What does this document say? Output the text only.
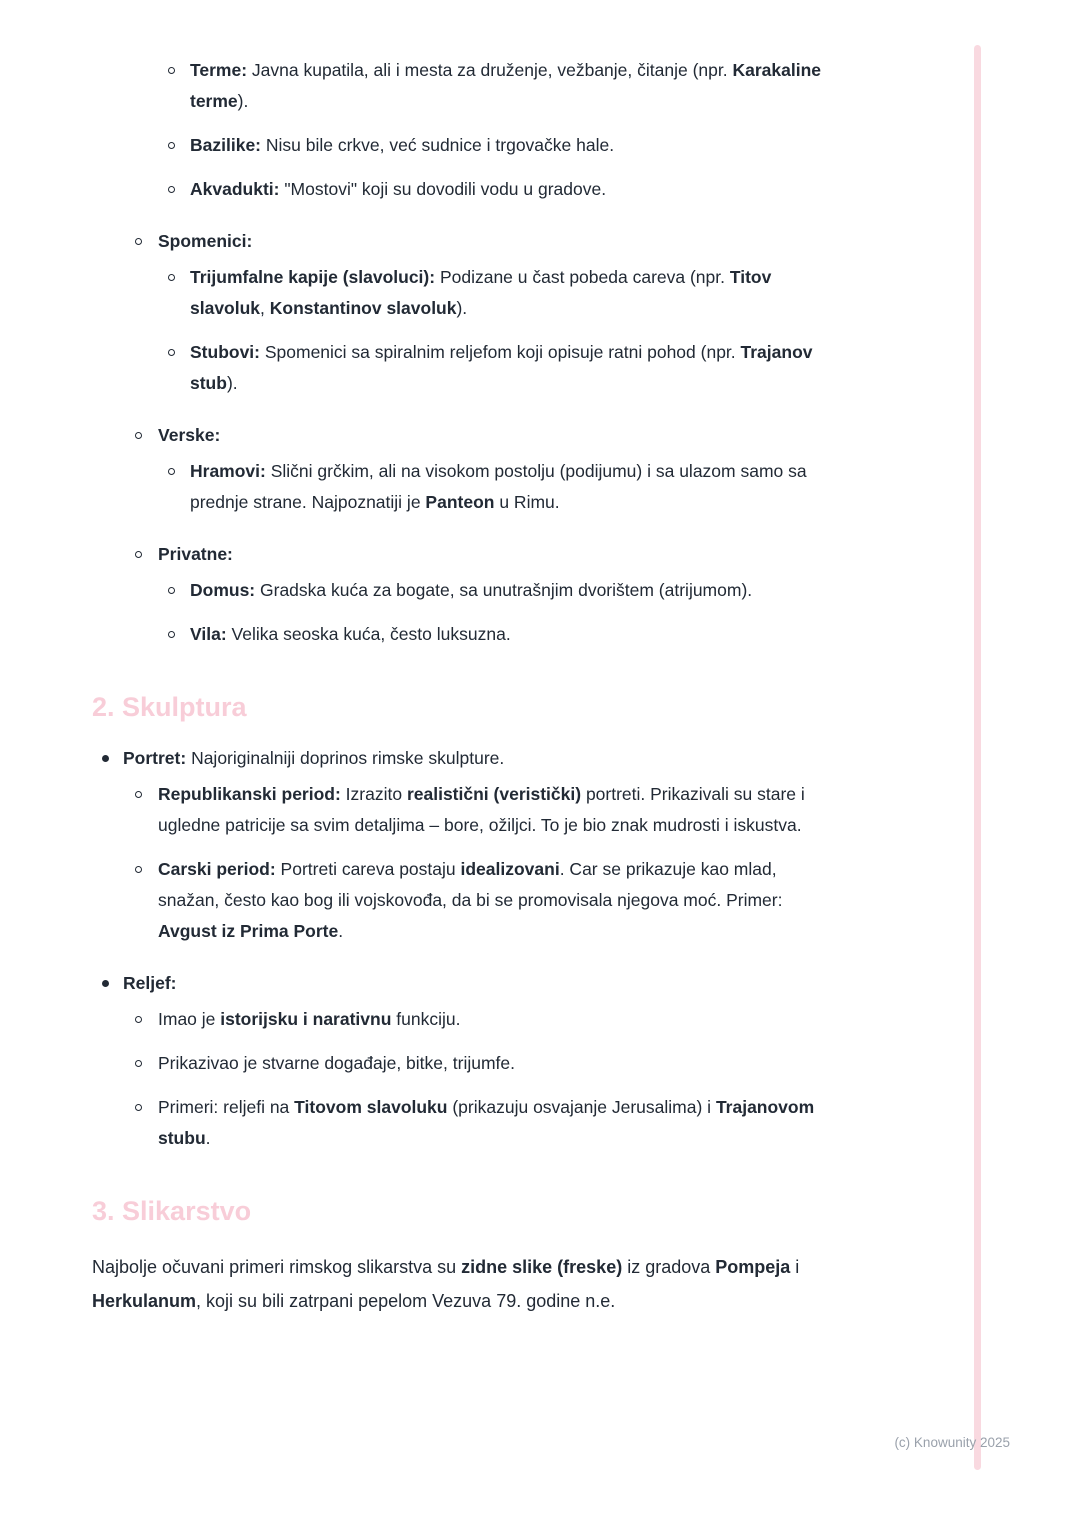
Terme: Javna kupatila, ali i mesta za druženje, vežbanje, čitanje (npr. Karakaline terme).
Bazilike: Nisu bile crkve, već sudnice i trgovačke hale.
Akvadukti: "Mostovi" koji su dovodili vodu u gradove.
Spomenici:
Trijumfalne kapije (slavoluci): Podizane u čast pobeda careva (npr. Titov slavoluk, Konstantinov slavoluk).
Stubovi: Spomenici sa spiralnim reljefom koji opisuje ratni pohod (npr. Trajanov stub).
Verske:
Hramovi: Slični grčkim, ali na visokom postolju (podijumu) i sa ulazom samo sa prednje strane. Najpoznatiji je Panteon u Rimu.
Privatne:
Domus: Gradska kuća za bogate, sa unutrašnjim dvorištem (atrijumom).
Vila: Velika seoska kuća, često luksuzna.
2. Skulptura
Portret: Najoriginalniji doprinos rimske skulpture.
Republikanski period: Izrazito realistični (veristički) portreti. Prikazivali su stare i ugledne patricije sa svim detaljima – bore, ožiljci. To je bio znak mudrosti i iskustva.
Carski period: Portreti careva postaju idealizovani. Car se prikazuje kao mlad, snažan, često kao bog ili vojskovođa, da bi se promovisala njegova moć. Primer: Avgust iz Prima Porte.
Reljef:
Imao je istorijsku i narativnu funkciju.
Prikazivao je stvarne događaje, bitke, trijumfe.
Primeri: reljefi na Titovom slavoluku (prikazuju osvajanje Jerusalima) i Trajanovom stubu.
3. Slikarstvo

Najbolje očuvani primeri rimskog slikarstva su zidne slike (freske) iz gradova Pompeja i Herkulanum, koji su bili zatrpani pepelom Vezuva 79. godine n.e.

(c) Knowunity 2025
